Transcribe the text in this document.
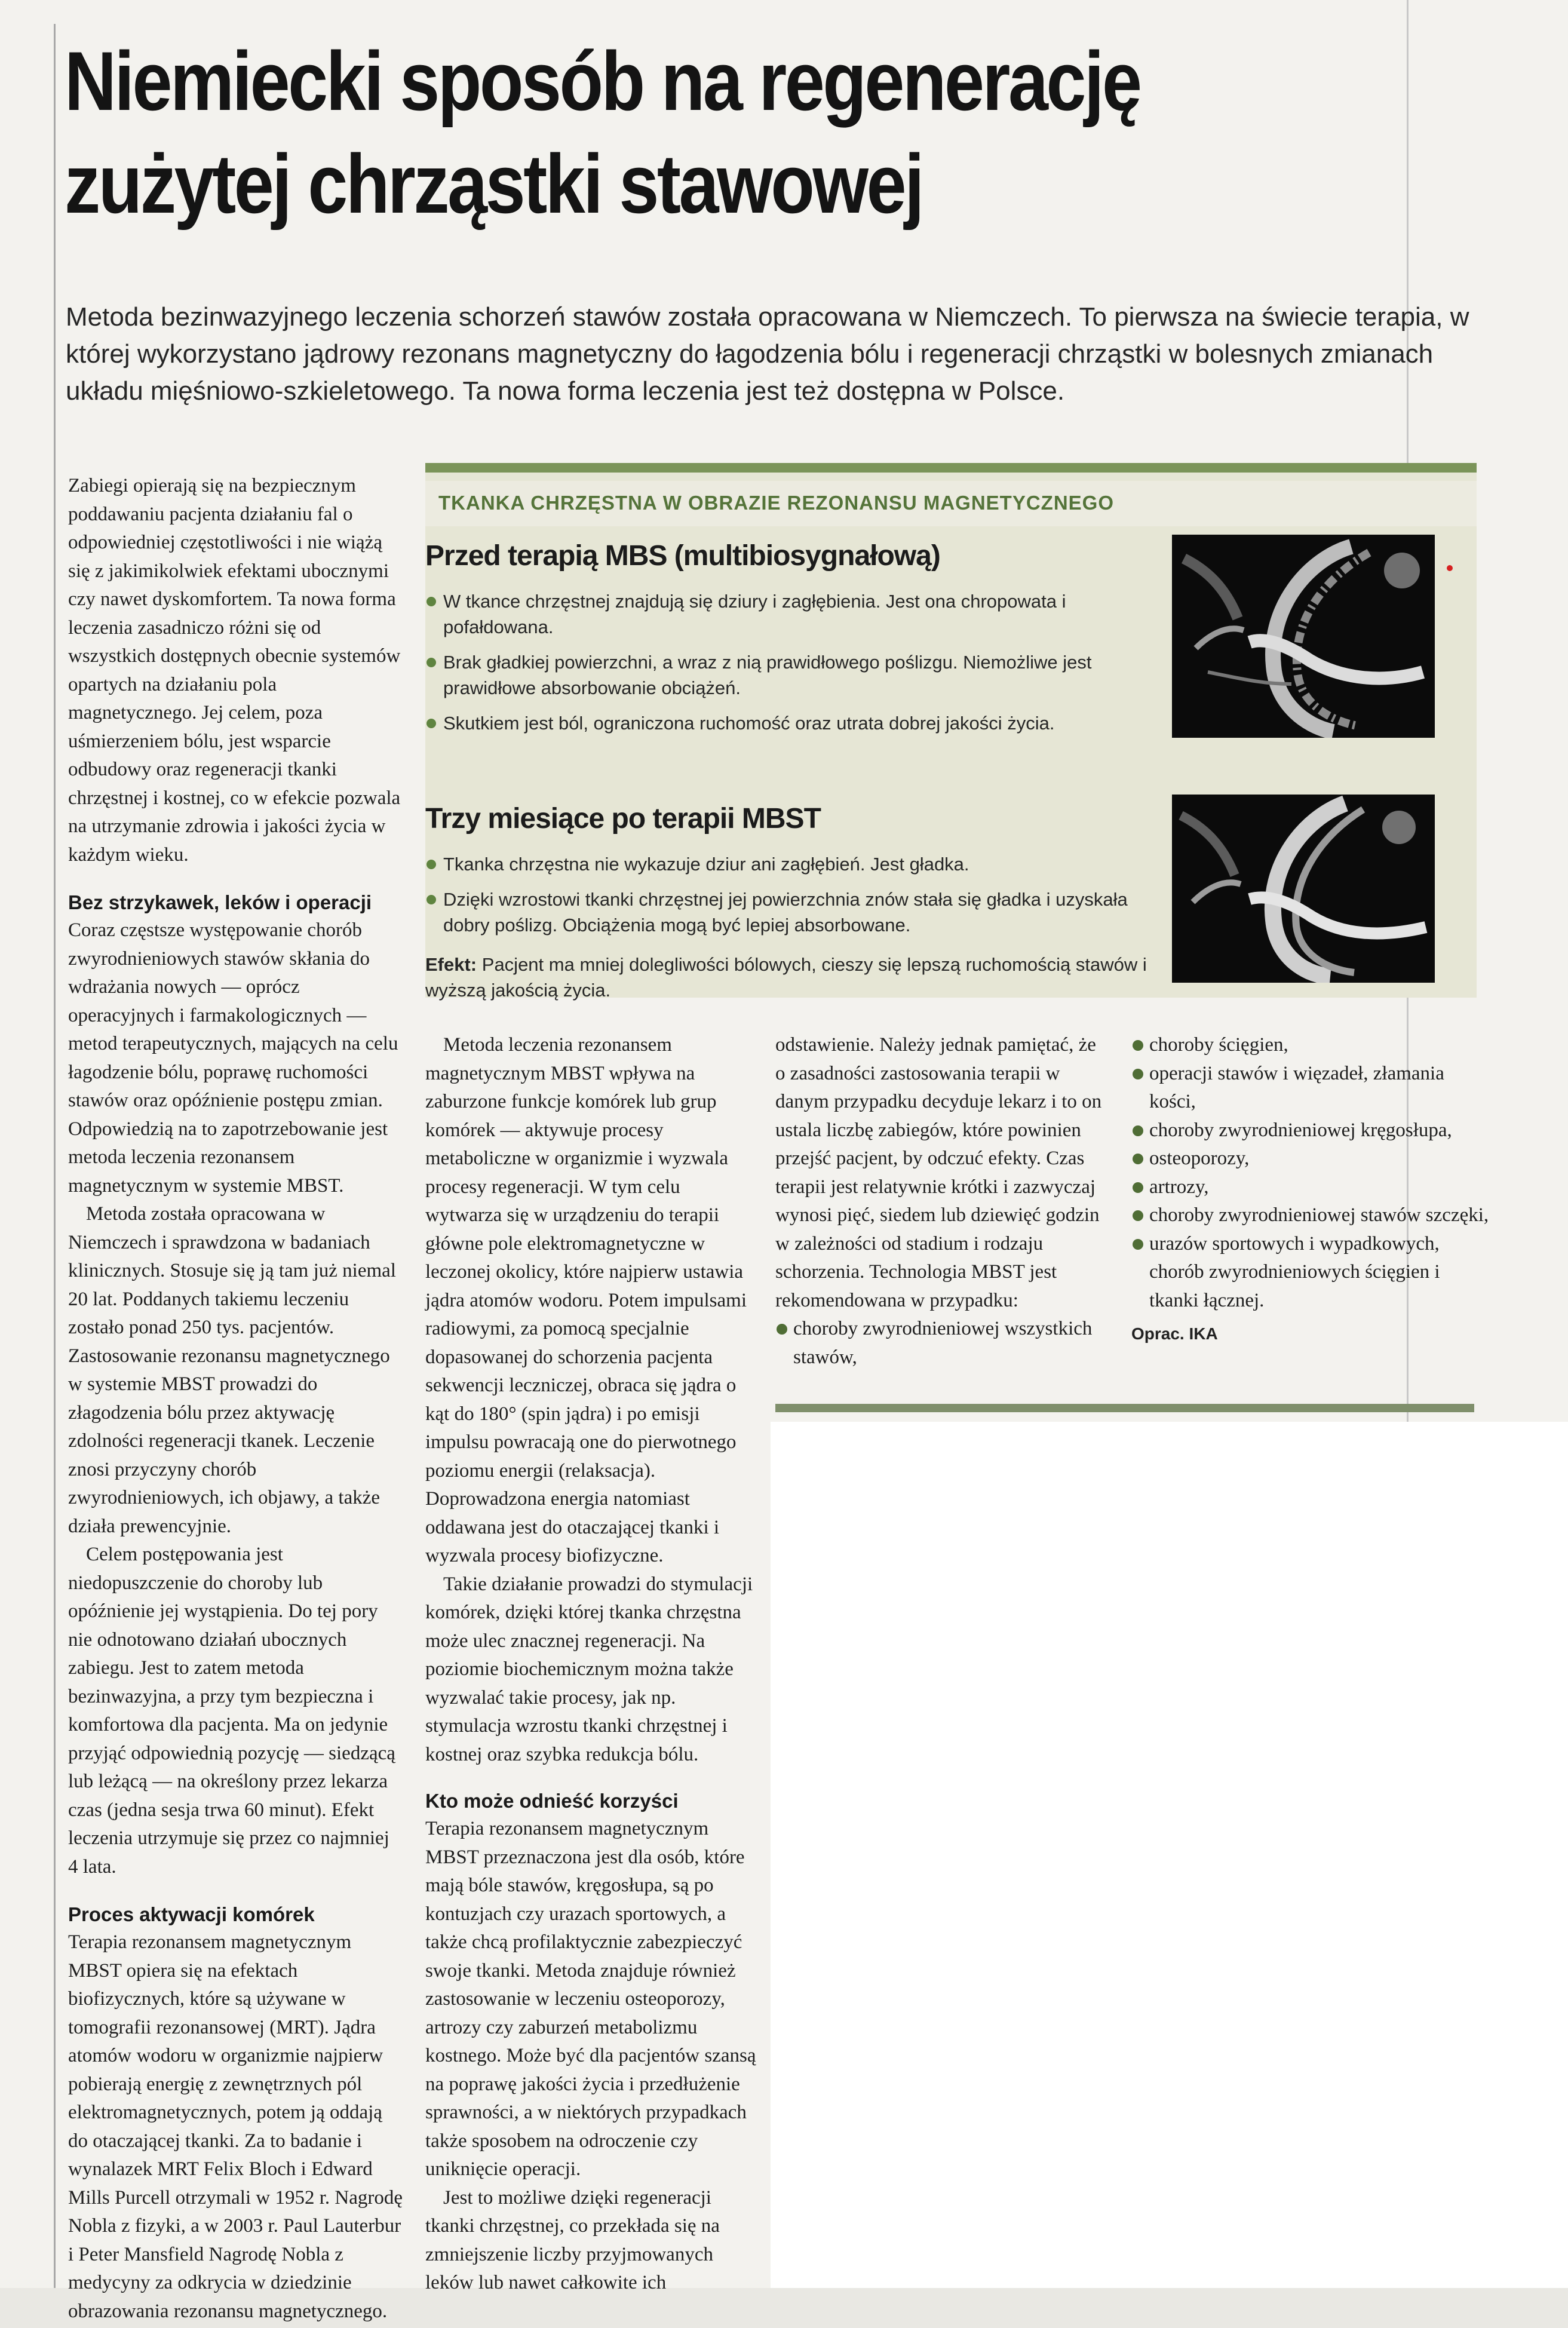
Niemiecki sposób na regenerację
zużytej chrząstki stawowej

Metoda bezinwazyjnego leczenia schorzeń stawów została opracowana w Niemczech. To pierwsza na świecie terapia, w której wykorzystano jądrowy rezonans magnetyczny do łagodzenia bólu i regeneracji chrząstki w bolesnych zmianach układu mięśniowo-szkieletowego. Ta nowa forma leczenia jest też dostępna w Polsce.

Zabiegi opierają się na bezpiecznym poddawaniu pacjenta działaniu fal o odpowiedniej częstotliwości i nie wiążą się z jakimikolwiek efektami ubocznymi czy nawet dyskomfortem. Ta nowa forma leczenia zasadniczo różni się od wszystkich dostępnych obecnie systemów opartych na działaniu pola magnetycznego. Jej celem, poza uśmierzeniem bólu, jest wsparcie odbudowy oraz regeneracji tkanki chrzęstnej i kostnej, co w efekcie pozwala na utrzymanie zdrowia i jakości życia w każdym wieku.

Bez strzykawek, leków i operacji

Coraz częstsze występowanie chorób zwyrodnieniowych stawów skłania do wdrażania nowych — oprócz operacyjnych i farmakologicznych — metod terapeutycznych, mających na celu łagodzenie bólu, poprawę ruchomości stawów oraz opóźnienie postępu zmian. Odpowiedzią na to zapotrzebowanie jest metoda leczenia rezonansem magnetycznym w systemie MBST.

Metoda została opracowana w Niemczech i sprawdzona w badaniach klinicznych. Stosuje się ją tam już niemal 20 lat. Poddanych takiemu leczeniu zostało ponad 250 tys. pacjentów. Zastosowanie rezonansu magnetycznego w systemie MBST prowadzi do złagodzenia bólu przez aktywację zdolności regeneracji tkanek. Leczenie znosi przyczyny chorób zwyrodnieniowych, ich objawy, a także działa prewencyjnie.

Celem postępowania jest niedopuszczenie do choroby lub opóźnienie jej wystąpienia. Do tej pory nie odnotowano działań ubocznych zabiegu. Jest to zatem metoda bezinwazyjna, a przy tym bezpieczna i komfortowa dla pacjenta. Ma on jedynie przyjąć odpowiednią pozycję — siedzącą lub leżącą — na określony przez lekarza czas (jedna sesja trwa 60 minut). Efekt leczenia utrzymuje się przez co najmniej 4 lata.

Proces aktywacji komórek

Terapia rezonansem magnetycznym MBST opiera się na efektach biofizycznych, które są używane w tomografii rezonansowej (MRT). Jądra atomów wodoru w organizmie najpierw pobierają energię z zewnętrznych pól elektromagnetycznych, potem ją oddają do otaczającej tkanki. Za to badanie i wynalazek MRT Felix Bloch i Edward Mills Purcell otrzymali w 1952 r. Nagrodę Nobla z fizyki, a w 2003 r. Paul Lauterbur i Peter Mansfield Nagrodę Nobla z medycyny za odkrycia w dziedzinie obrazowania rezonansu magnetycznego.

TKANKA CHRZĘSTNA W OBRAZIE REZONANSU MAGNETYCZNEGO
Przed terapią MBS (multibiosygnałową)
W tkance chrzęstnej znajdują się dziury i zagłębienia. Jest ona chropowata i pofałdowana.
Brak gładkiej powierzchni, a wraz z nią prawidłowego poślizgu. Niemożliwe jest prawidłowe absorbowanie obciążeń.
Skutkiem jest ból, ograniczona ruchomość oraz utrata dobrej jakości życia.
Trzy miesiące po terapii MBST
Tkanka chrzęstna nie wykazuje dziur ani zagłębień. Jest gładka.
Dzięki wzrostowi tkanki chrzęstnej jej powierzchnia znów stała się gładka i uzyskała dobry poślizg. Obciążenia mogą być lepiej absorbowane.

Efekt: Pacjent ma mniej dolegliwości bólowych, cieszy się lepszą ruchomością stawów i wyższą jakością życia.

Metoda leczenia rezonansem magnetycznym MBST wpływa na zaburzone funkcje komórek lub grup komórek — aktywuje procesy metaboliczne w organizmie i wyzwala procesy regeneracji. W tym celu wytwarza się w urządzeniu do terapii główne pole elektromagnetyczne w leczonej okolicy, które najpierw ustawia jądra atomów wodoru. Potem impulsami radiowymi, za pomocą specjalnie dopasowanej do schorzenia pacjenta sekwencji leczniczej, obraca się jądra o kąt do 180° (spin jądra) i po emisji impulsu powracają one do pierwotnego poziomu energii (relaksacja). Doprowadzona energia natomiast oddawana jest do otaczającej tkanki i wyzwala procesy biofizyczne.

Takie działanie prowadzi do stymulacji komórek, dzięki której tkanka chrzęstna może ulec znacznej regeneracji. Na poziomie biochemicznym można także wyzwalać takie procesy, jak np. stymulacja wzrostu tkanki chrzęstnej i kostnej oraz szybka redukcja bólu.

Kto może odnieść korzyści

Terapia rezonansem magnetycznym MBST przeznaczona jest dla osób, które mają bóle stawów, kręgosłupa, są po kontuzjach czy urazach sportowych, a także chcą profilaktycznie zabezpieczyć swoje tkanki. Metoda znajduje również zastosowanie w leczeniu osteoporozy, artrozy czy zaburzeń metabolizmu kostnego. Może być dla pacjentów szansą na poprawę jakości życia i przedłużenie sprawności, a w niektórych przypadkach także sposobem na odroczenie czy uniknięcie operacji.

Jest to możliwe dzięki regeneracji tkanki chrzęstnej, co przekłada się na zmniejszenie liczby przyjmowanych leków lub nawet całkowite ich

odstawienie. Należy jednak pamiętać, że o zasadności zastosowania terapii w danym przypadku decyduje lekarz i to on ustala liczbę zabiegów, które powinien przejść pacjent, by odczuć efekty. Czas terapii jest relatywnie krótki i zazwyczaj wynosi pięć, siedem lub dziewięć godzin w zależności od stadium i rodzaju schorzenia. Technologia MBST jest rekomendowana w przypadku:

choroby zwyrodnieniowej wszystkich stawów,
choroby ścięgien,
operacji stawów i więzadeł, złamania kości,
choroby zwyrodnieniowej kręgosłupa,
osteoporozy,
artrozy,
choroby zwyrodnieniowej stawów szczęki,
urazów sportowych i wypadkowych, chorób zwyrodnieniowych ścięgien i tkanki łącznej.
Oprac. IKA
